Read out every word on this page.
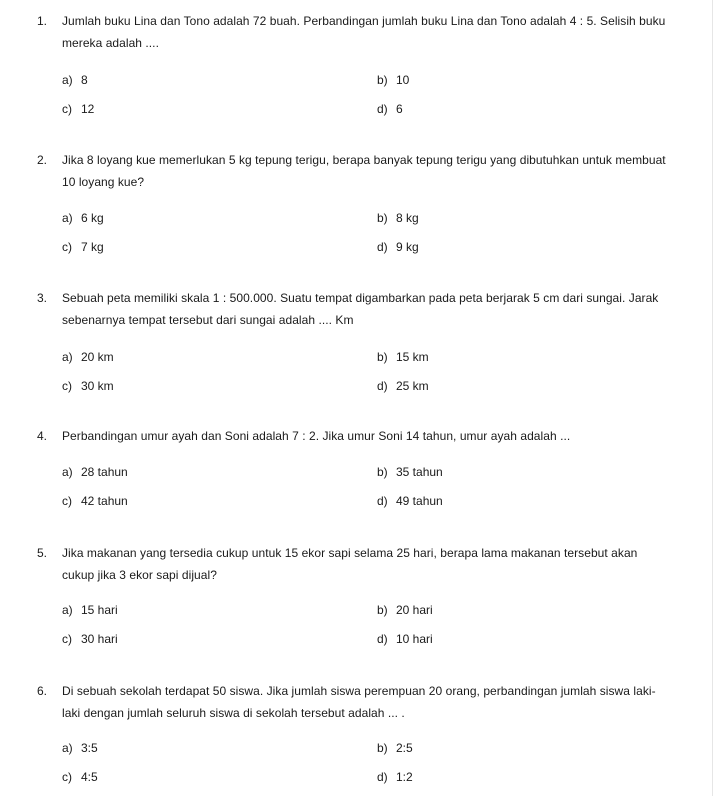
1. Jumlah buku Lina dan Tono adalah 72 buah. Perbandingan jumlah buku Lina dan Tono adalah 4 : 5. Selisih buku
mereka adalah ....
a) 8	b) 10
c) 12	d) 6
2. Jika 8 loyang kue memerlukan 5 kg tepung terigu, berapa banyak tepung terigu yang dibutuhkan untuk membuat
10 loyang kue?
a) 6 kg	b) 8 kg
c) 7 kg	d) 9 kg
3. Sebuah peta memiliki skala 1 : 500.000. Suatu tempat digambarkan pada peta berjarak 5 cm dari sungai. Jarak
sebenarnya tempat tersebut dari sungai adalah .... Km
a) 20 km	b) 15 km
c) 30 km	d) 25 km
4. Perbandingan umur ayah dan Soni adalah 7 : 2. Jika umur Soni 14 tahun, umur ayah adalah ...
a) 28 tahun	b) 35 tahun
c) 42 tahun	d) 49 tahun
5. Jika makanan yang tersedia cukup untuk 15 ekor sapi selama 25 hari, berapa lama makanan tersebut akan
cukup jika 3 ekor sapi dijual?
a) 15 hari	b) 20 hari
c) 30 hari	d) 10 hari
6. Di sebuah sekolah terdapat 50 siswa. Jika jumlah siswa perempuan 20 orang, perbandingan jumlah siswa laki-
laki dengan jumlah seluruh siswa di sekolah tersebut adalah ... .
a) 3:5	b) 2:5
c) 4:5	d) 1:2
